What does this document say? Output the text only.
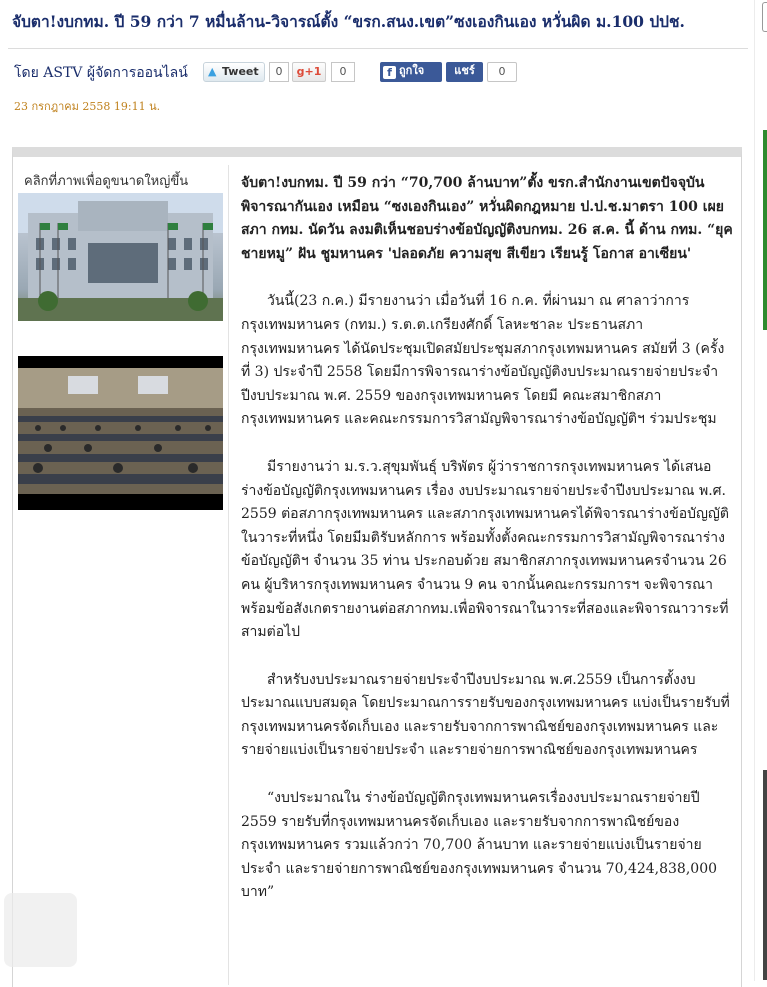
จับตา!งบกทม. ปี 59 กว่า 7 หมื่นล้าน-วิจารณ์ตั้ง “ขรก.สนง.เขต”ซงเองกินเอง หวั่นผิด ม.100 ปปช.
โดย ASTV ผู้จัดการออนไลน์	▲ Tweet	0	g+1	0	f ถูกใจ	แชร์	0
23 กรกฎาคม 2558 19:11 น.
คลิกที่ภาพเพื่อดูขนาดใหญ่ขึ้น	จับตา!งบกทม. ปี 59 กว่า “70,700 ล้านบาท”ตั้ง ขรก.สำนักงานเขตปัจจุบัน พิจารณากันเอง เหมือน “ซงเองกินเอง” หวั่นผิดกฎหมาย ป.ป.ช.มาตรา 100 เผย สภา กทม. นัดวัน ลงมติเห็นชอบร่างข้อบัญญัติงบกทม. 26 ส.ค. นี้ ด้าน กทม. “ยุคชายหมู” ฝัน ชูมหานคร 'ปลอดภัย ความสุข สีเขียว เรียนรู้ โอกาส อาเซียน'

วันนี้(23 ก.ค.) มีรายงานว่า เมื่อวันที่ 16 ก.ค. ที่ผ่านมา ณ ศาลาว่าการกรุงเทพมหานคร (กทม.) ร.ต.ต.เกรียงศักดิ์ โลหะชาละ ประธานสภากรุงเทพมหานคร ได้นัดประชุมเปิดสมัยประชุมสภากรุงเทพมหานคร สมัยที่ 3 (ครั้งที่ 3) ประจำปี 2558 โดยมีการพิจารณาร่างข้อบัญญัติงบประมาณรายจ่ายประจำปีงบประมาณ พ.ศ. 2559 ของกรุงเทพมหานคร โดยมี คณะสมาชิกสภากรุงเทพมหานคร และคณะกรรมการวิสามัญพิจารณาร่างข้อบัญญัติฯ ร่วมประชุม

มีรายงานว่า ม.ร.ว.สุขุมพันธุ์ บริพัตร ผู้ว่าราชการกรุงเทพมหานคร ได้เสนอร่างข้อบัญญัติกรุงเทพมหานคร เรื่อง งบประมาณรายจ่ายประจำปีงบประมาณ พ.ศ. 2559 ต่อสภากรุงเทพมหานคร และสภากรุงเทพมหานครได้พิจารณาร่างข้อบัญญัติในวาระที่หนึ่ง โดยมีมติรับหลักการ พร้อมทั้งตั้งคณะกรรมการวิสามัญพิจารณาร่างข้อบัญญัติฯ จำนวน 35 ท่าน ประกอบด้วย สมาชิกสภากรุงเทพมหานครจำนวน 26 คน ผู้บริหารกรุงเทพมหานคร จำนวน 9 คน จากนั้นคณะกรรมการฯ จะพิจารณาพร้อมข้อสังเกตรายงานต่อสภากทม.เพื่อพิจารณาในวาระที่สองและพิจารณาวาระที่สามต่อไป

สำหรับงบประมาณรายจ่ายประจำปีงบประมาณ พ.ศ.2559 เป็นการตั้งงบประมาณแบบสมดุล โดยประมาณการรายรับของกรุงเทพมหานคร แบ่งเป็นรายรับที่กรุงเทพมหานครจัดเก็บเอง และรายรับจากการพาณิชย์ของกรุงเทพมหานคร และรายจ่ายแบ่งเป็นรายจ่ายประจำ และรายจ่ายการพาณิชย์ของกรุงเทพมหานคร

“งบประมาณใน ร่างข้อบัญญัติกรุงเทพมหานครเรื่องงบประมาณรายจ่ายปี 2559 รายรับที่กรุงเทพมหานครจัดเก็บเอง และรายรับจากการพาณิชย์ของกรุงเทพมหานคร รวมแล้วกว่า 70,700 ล้านบาท และรายจ่ายแบ่งเป็นรายจ่ายประจำ และรายจ่ายการพาณิชย์ของกรุงเทพมหานคร จำนวน 70,424,838,000 บาท”
